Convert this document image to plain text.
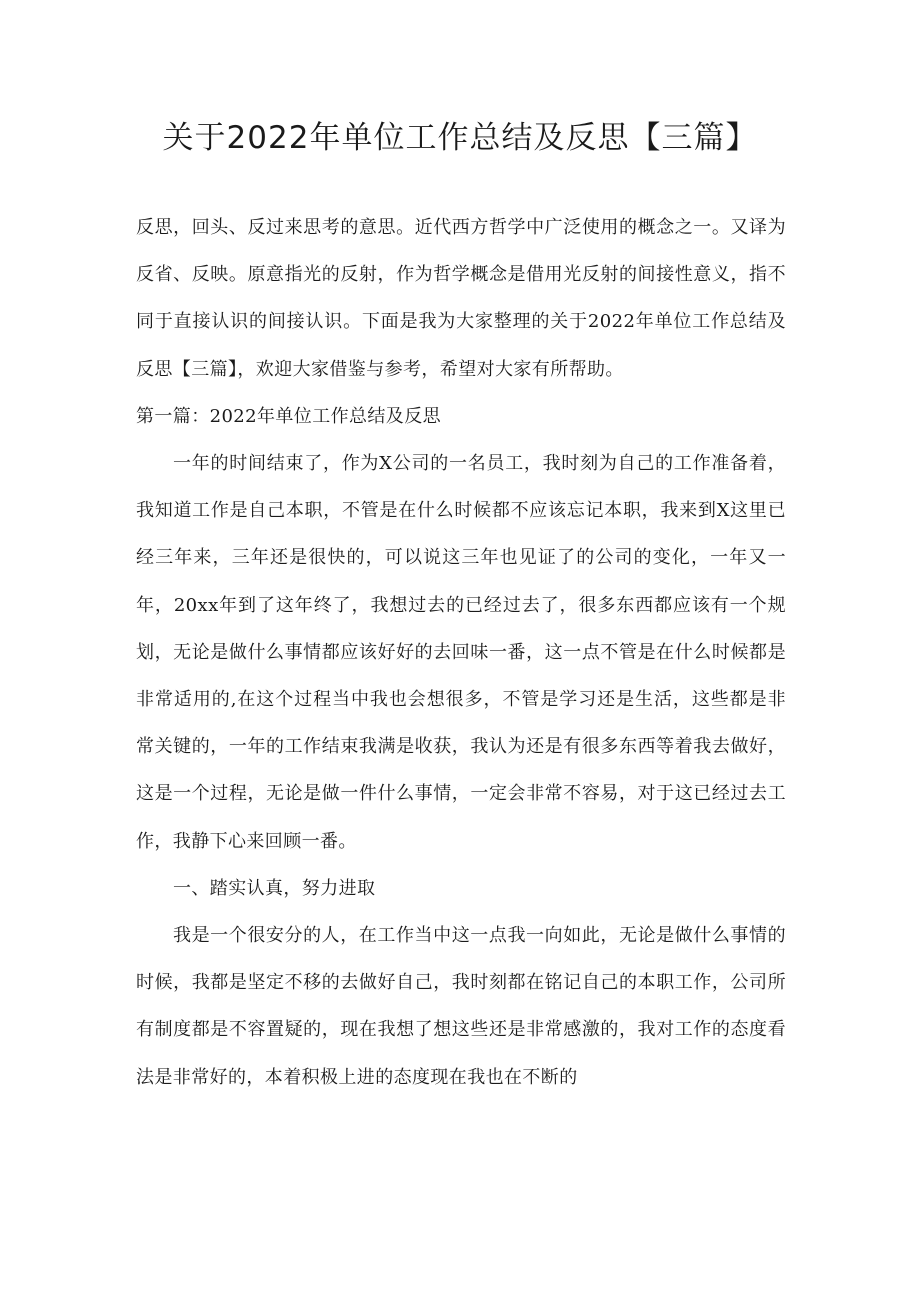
关于2022年单位工作总结及反思【三篇】

反思，回头、反过来思考的意思。近代西方哲学中广泛使用的概念之一。又译为反省、反映。原意指光的反射，作为哲学概念是借用光反射的间接性意义，指不同于直接认识的间接认识。下面是我为大家整理的关于2022年单位工作总结及反思【三篇】，欢迎大家借鉴与参考，希望对大家有所帮助。

第一篇：2022年单位工作总结及反思

一年的时间结束了，作为X公司的一名员工，我时刻为自己的工作准备着，我知道工作是自己本职，不管是在什么时候都不应该忘记本职，我来到X这里已经三年来，三年还是很快的，可以说这三年也见证了的公司的变化，一年又一年，20xx年到了这年终了，我想过去的已经过去了，很多东西都应该有一个规划，无论是做什么事情都应该好好的去回味一番，这一点不管是在什么时候都是非常适用的,在这个过程当中我也会想很多，不管是学习还是生活，这些都是非常关键的，一年的工作结束我满是收获，我认为还是有很多东西等着我去做好，这是一个过程，无论是做一件什么事情，一定会非常不容易，对于这已经过去工作，我静下心来回顾一番。

一、踏实认真，努力进取

我是一个很安分的人，在工作当中这一点我一向如此，无论是做什么事情的时候，我都是坚定不移的去做好自己，我时刻都在铭记自己的本职工作，公司所有制度都是不容置疑的，现在我想了想这些还是非常感激的，我对工作的态度看法是非常好的，本着积极上进的态度现在我也在不断的
